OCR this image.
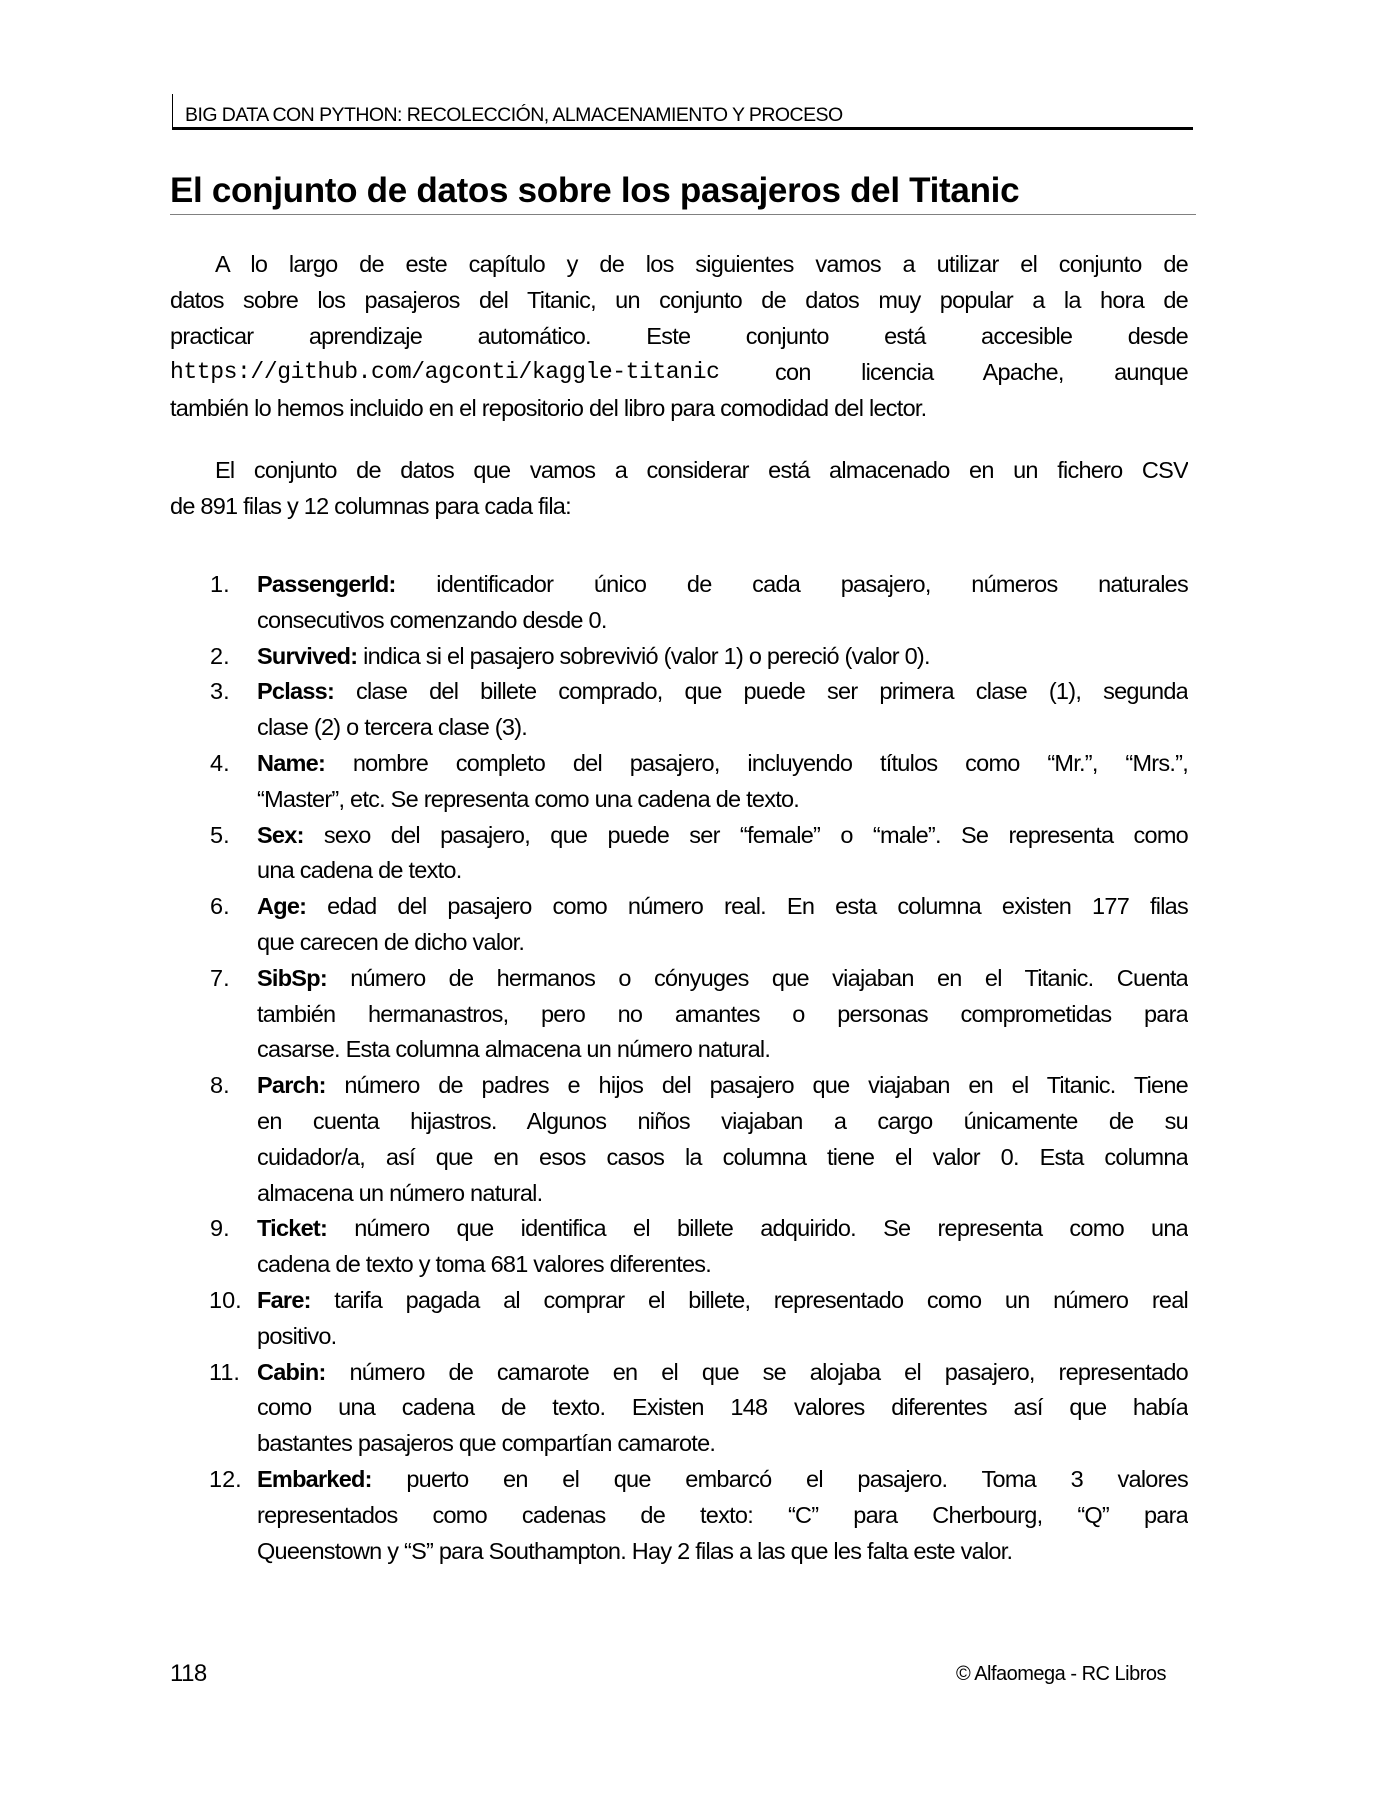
BIG DATA CON PYTHON: RECOLECCIÓN, ALMACENAMIENTO Y PROCESO
El conjunto de datos sobre los pasajeros del Titanic
A lo largo de este capítulo y de los siguientes vamos a utilizar el conjunto de
datos sobre los pasajeros del Titanic, un conjunto de datos muy popular a la hora de
practicar aprendizaje automático. Este conjunto está accesible desde
https://github.com/agconti/kaggle-titanic con licencia Apache, aunque
también lo hemos incluido en el repositorio del libro para comodidad del lector.
El conjunto de datos que vamos a considerar está almacenado en un fichero CSV
de 891 filas y 12 columnas para cada fila:
1. PassengerId: identificador único de cada pasajero, números naturales
consecutivos comenzando desde 0.
2. Survived: indica si el pasajero sobrevivió (valor 1) o pereció (valor 0).
3. Pclass: clase del billete comprado, que puede ser primera clase (1), segunda
clase (2) o tercera clase (3).
4. Name: nombre completo del pasajero, incluyendo títulos como “Mr.”, “Mrs.”,
“Master”, etc. Se representa como una cadena de texto.
5. Sex: sexo del pasajero, que puede ser “female” o “male”. Se representa como
una cadena de texto.
6. Age: edad del pasajero como número real. En esta columna existen 177 filas
que carecen de dicho valor.
7. SibSp: número de hermanos o cónyuges que viajaban en el Titanic. Cuenta
también hermanastros, pero no amantes o personas comprometidas para
casarse. Esta columna almacena un número natural.
8. Parch: número de padres e hijos del pasajero que viajaban en el Titanic. Tiene
en cuenta hijastros. Algunos niños viajaban a cargo únicamente de su
cuidador/a, así que en esos casos la columna tiene el valor 0. Esta columna
almacena un número natural.
9. Ticket: número que identifica el billete adquirido. Se representa como una
cadena de texto y toma 681 valores diferentes.
10. Fare: tarifa pagada al comprar el billete, representado como un número real
positivo.
11. Cabin: número de camarote en el que se alojaba el pasajero, representado
como una cadena de texto. Existen 148 valores diferentes así que había
bastantes pasajeros que compartían camarote.
12. Embarked: puerto en el que embarcó el pasajero. Toma 3 valores
representados como cadenas de texto: “C” para Cherbourg, “Q” para
Queenstown y “S” para Southampton. Hay 2 filas a las que les falta este valor.
118	© Alfaomega - RC Libros
